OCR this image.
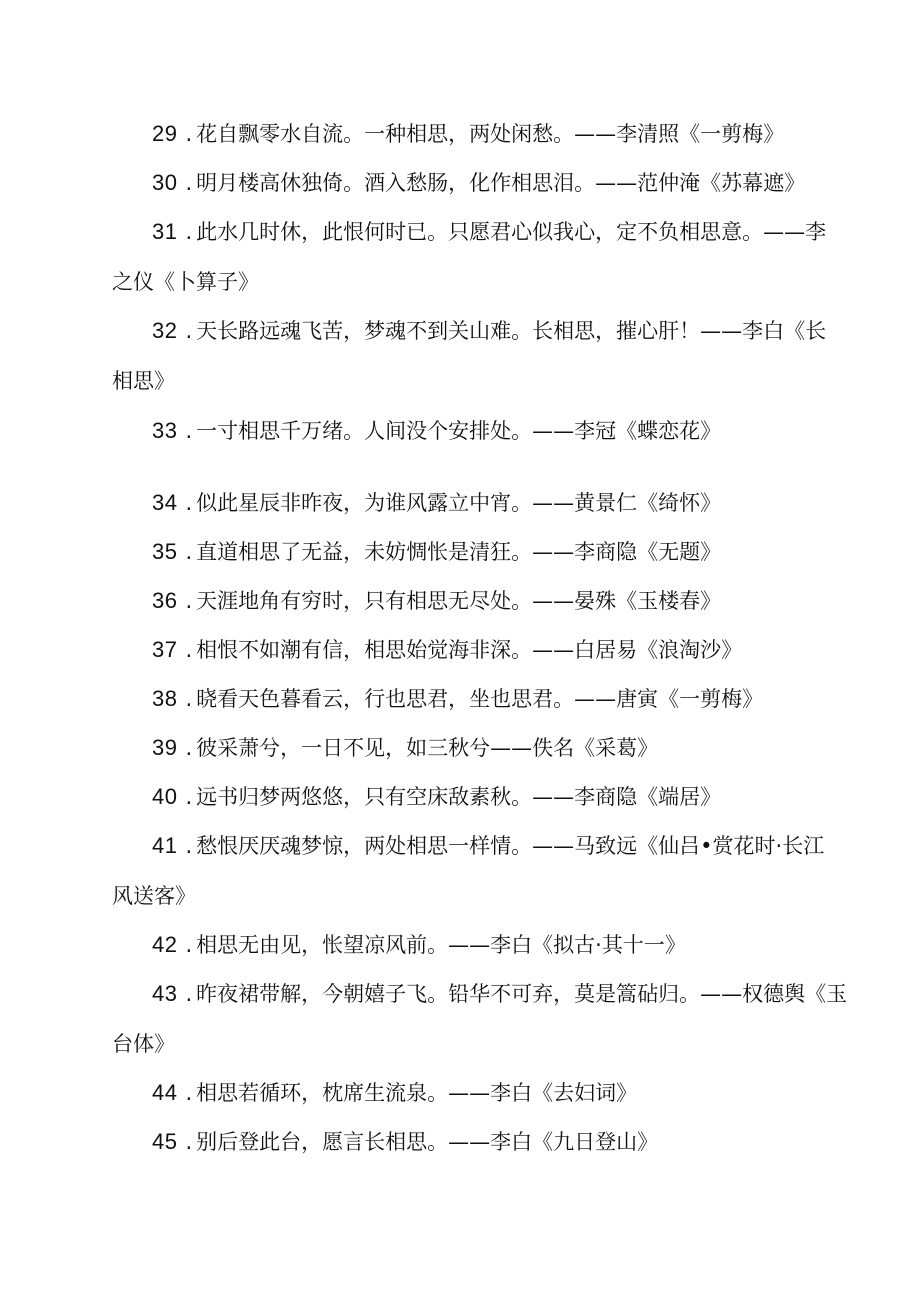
29 . 花自飘零水自流。一种相思，两处闲愁。——李清照《一剪梅》
30 . 明月楼高休独倚。酒入愁肠，化作相思泪。——范仲淹《苏幕遮》
31 . 此水几时休，此恨何时已。只愿君心似我心，定不负相思意。——李
之仪《卜算子》
32 . 天长路远魂飞苦，梦魂不到关山难。长相思，摧心肝！——李白《长
相思》
33 . 一寸相思千万绪。人间没个安排处。——李冠《蝶恋花》
34 . 似此星辰非昨夜，为谁风露立中宵。——黄景仁《绮怀》
35 . 直道相思了无益，未妨惆怅是清狂。——李商隐《无题》
36 . 天涯地角有穷时，只有相思无尽处。——晏殊《玉楼春》
37 . 相恨不如潮有信，相思始觉海非深。——白居易《浪淘沙》
38 . 晓看天色暮看云，行也思君，坐也思君。——唐寅《一剪梅》
39 . 彼采萧兮，一日不见，如三秋兮——佚名《采葛》
40 . 远书归梦两悠悠，只有空床敌素秋。——李商隐《端居》
41 . 愁恨厌厌魂梦惊，两处相思一样情。——马致远《仙吕•赏花时·长江
风送客》
42 . 相思无由见，怅望凉风前。——李白《拟古·其十一》
43 . 昨夜裙带解，今朝嬉子飞。铅华不可弃，莫是篙砧归。——权德舆《玉
台体》
44 . 相思若循环，枕席生流泉。——李白《去妇词》
45 . 别后登此台，愿言长相思。——李白《九日登山》
